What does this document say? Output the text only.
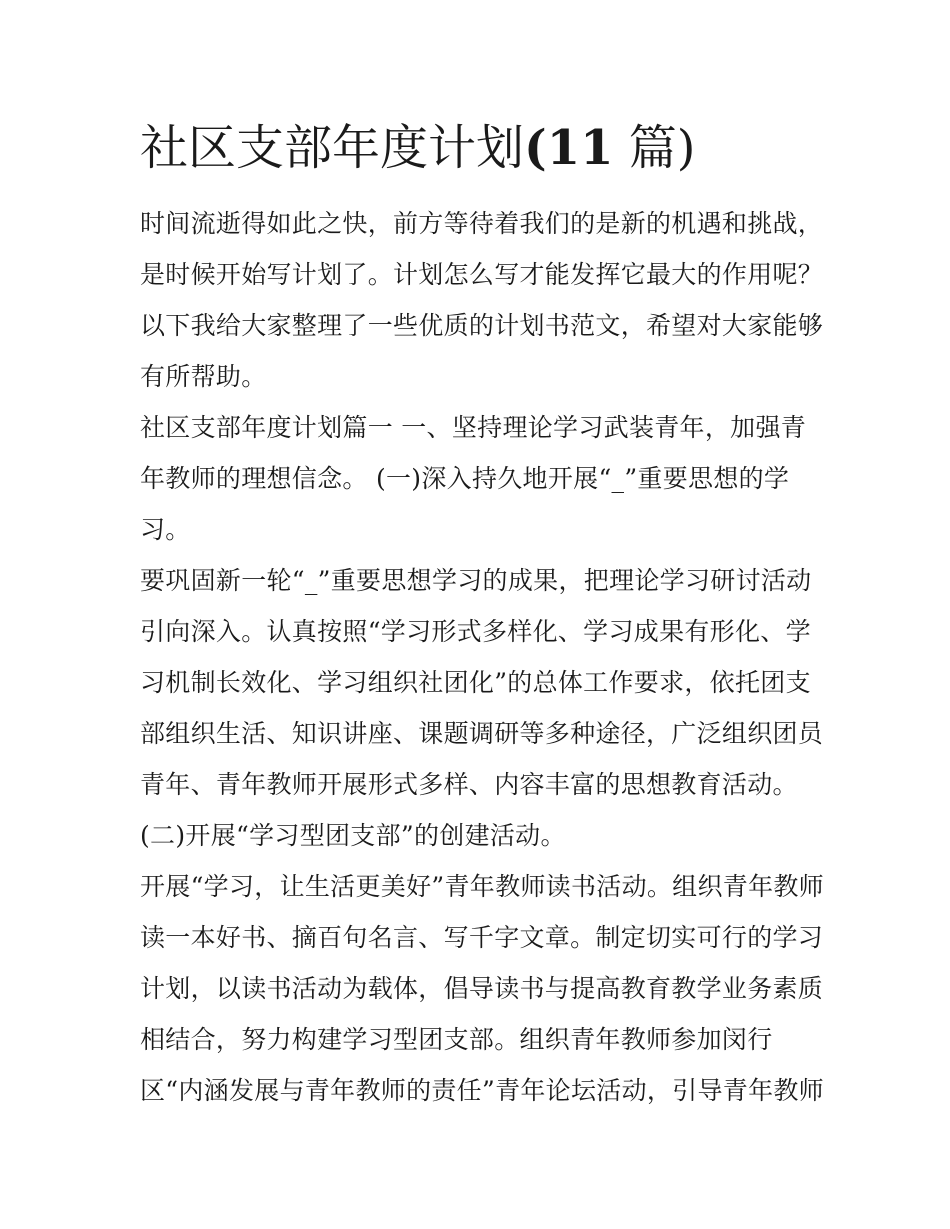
社区支部年度计划(11 篇)
时间流逝得如此之快，前方等待着我们的是新的机遇和挑战，
是时候开始写计划了。计划怎么写才能发挥它最大的作用呢？
以下我给大家整理了一些优质的计划书范文，希望对大家能够
有所帮助。
社区支部年度计划篇一 一、坚持理论学习武装青年，加强青
年教师的理想信念。 (一)深入持久地开展“_”重要思想的学
习。
要巩固新一轮“_”重要思想学习的成果，把理论学习研讨活动
引向深入。认真按照“学习形式多样化、学习成果有形化、学
习机制长效化、学习组织社团化”的总体工作要求，依托团支
部组织生活、知识讲座、课题调研等多种途径，广泛组织团员
青年、青年教师开展形式多样、内容丰富的思想教育活动。
(二)开展“学习型团支部”的创建活动。
开展“学习，让生活更美好”青年教师读书活动。组织青年教师
读一本好书、摘百句名言、写千字文章。制定切实可行的学习
计划，以读书活动为载体，倡导读书与提高教育教学业务素质
相结合，努力构建学习型团支部。组织青年教师参加闵行
区“内涵发展与青年教师的责任”青年论坛活动，引导青年教师
